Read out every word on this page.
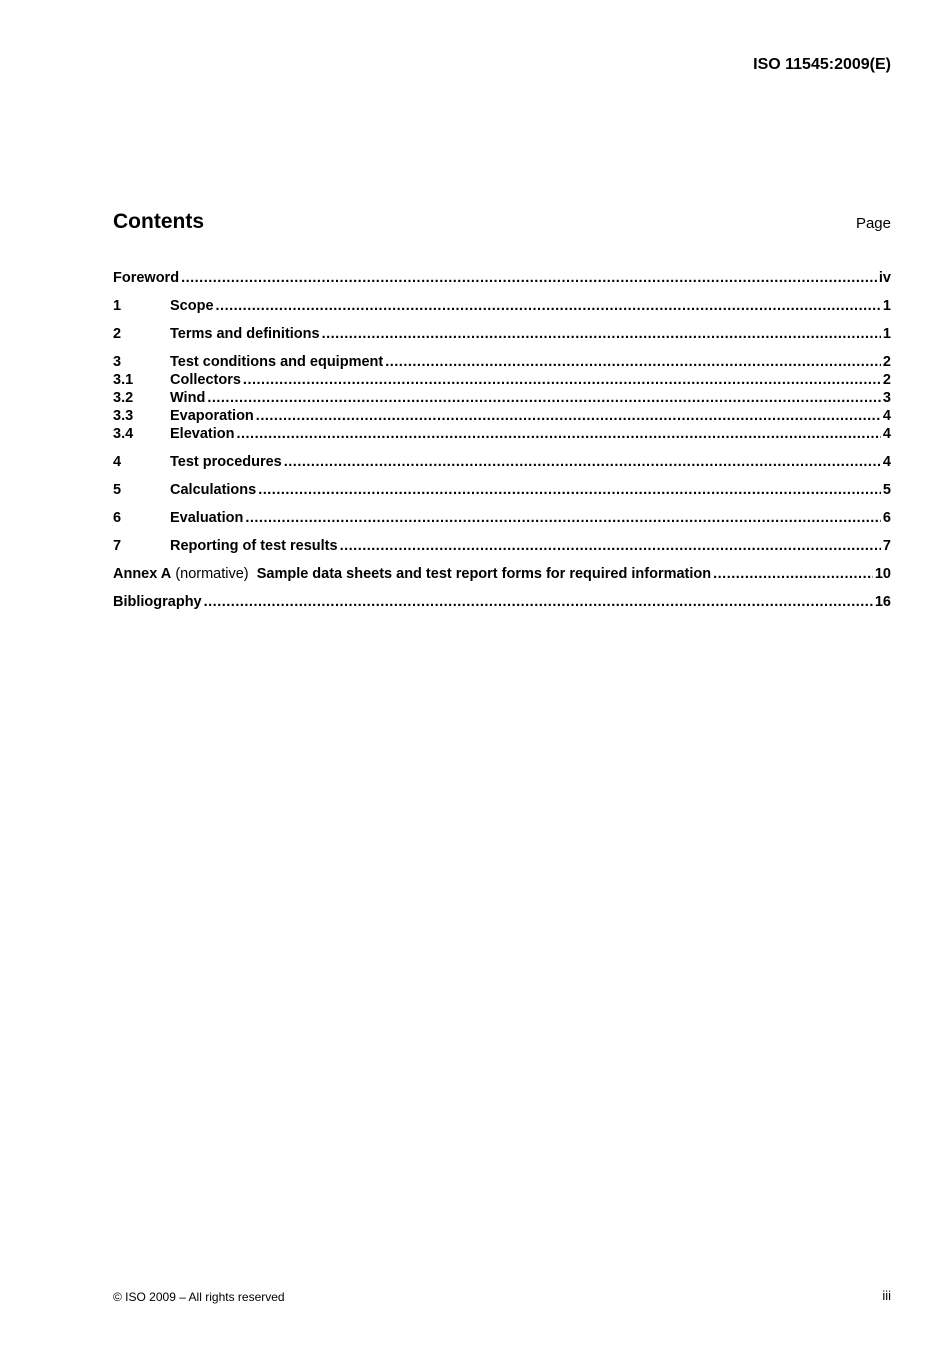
ISO 11545:2009(E)
Contents	Page
Foreword .....	iv
1	Scope .....	1
2	Terms and definitions .....	1
3	Test conditions and equipment .....	2
3.1	Collectors .....	2
3.2	Wind .....	3
3.3	Evaporation .....	4
3.4	Elevation .....	4
4	Test procedures .....	4
5	Calculations .....	5
6	Evaluation .....	6
7	Reporting of test results .....	7
Annex A (normative) Sample data sheets and test report forms for required information .....	10
Bibliography .....	16
© ISO 2009 – All rights reserved	iii
